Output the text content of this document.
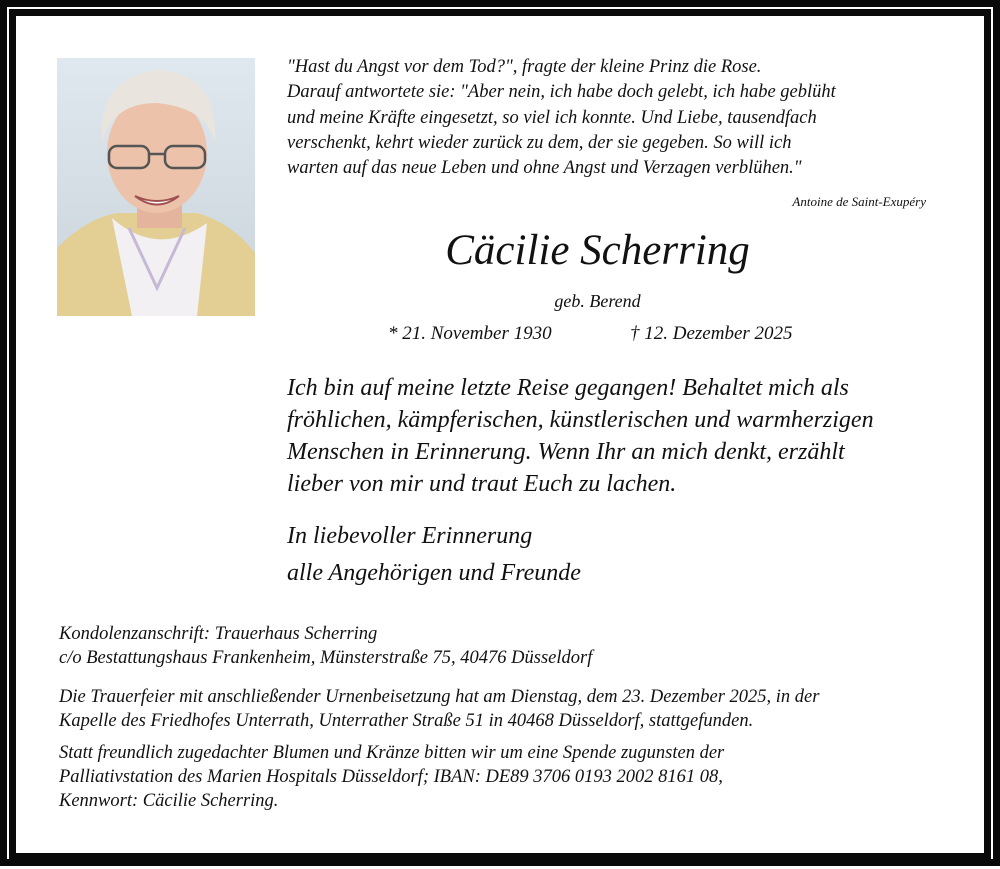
"Hast du Angst vor dem Tod?", fragte der kleine Prinz die Rose.
Darauf antwortete sie: "Aber nein, ich habe doch gelebt, ich habe geblüht
und meine Kräfte eingesetzt, so viel ich konnte. Und Liebe, tausendfach
verschenkt, kehrt wieder zurück zu dem, der sie gegeben. So will ich
warten auf das neue Leben und ohne Angst und Verzagen verblühen."
Antoine de Saint-Exupéry
Cäcilie Scherring
geb. Berend
* 21. November 1930	† 12. Dezember 2025
Ich bin auf meine letzte Reise gegangen! Behaltet mich als
fröhlichen, kämpferischen, künstlerischen und warmherzigen
Menschen in Erinnerung. Wenn Ihr an mich denkt, erzählt
lieber von mir und traut Euch zu lachen.
In liebevoller Erinnerung
alle Angehörigen und Freunde
Kondolenzanschrift: Trauerhaus Scherring
c/o Bestattungshaus Frankenheim, Münsterstraße 75, 40476 Düsseldorf
Die Trauerfeier mit anschließender Urnenbeisetzung hat am Dienstag, dem 23. Dezember 2025, in der
Kapelle des Friedhofes Unterrath, Unterrather Straße 51 in 40468 Düsseldorf, stattgefunden.
Statt freundlich zugedachter Blumen und Kränze bitten wir um eine Spende zugunsten der
Palliativstation des Marien Hospitals Düsseldorf; IBAN: DE89 3706 0193 2002 8161 08,
Kennwort: Cäcilie Scherring.
